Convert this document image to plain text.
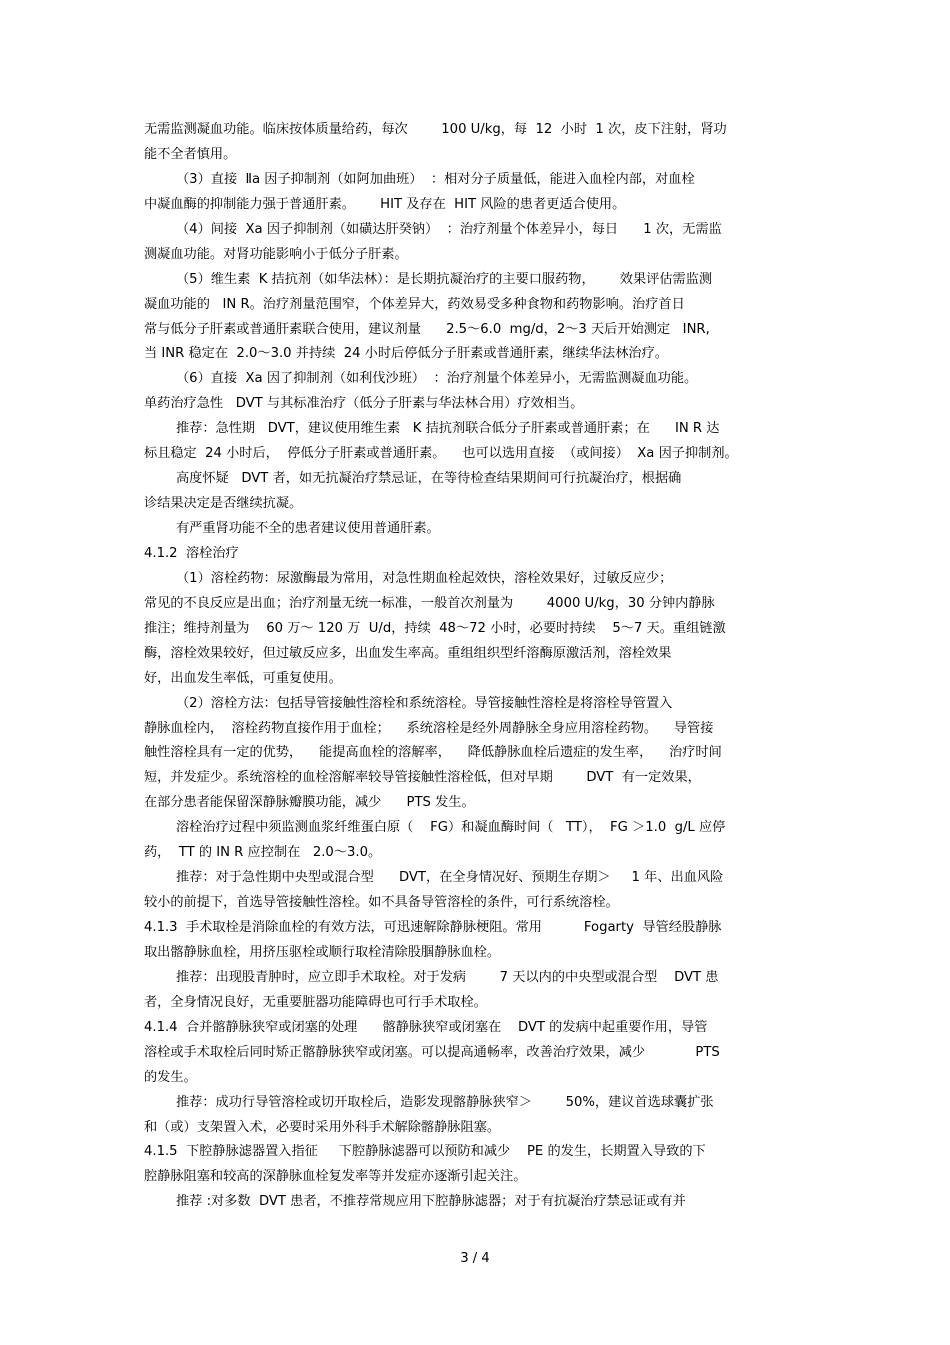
无需监测凝血功能。临床按体质量给药，每次        100 U/kg，每  12  小时  1 次，皮下注射，肾功
能不全者慎用。
（3）直接  Ⅱa 因子抑制剂（如阿加曲班）  ：相对分子质量低，能进入血栓内部，对血栓
中凝血酶的抑制能力强于普通肝素。      HIT 及存在  HIT 风险的患者更适合使用。
（4）间接  Xa 因子抑制剂（如磺达肝癸钠）  ：治疗剂量个体差异小，每日      1 次，无需监
测凝血功能。对肾功能影响小于低分子肝素。
（5）维生素  K 拮抗剂（如华法林）：是长期抗凝治疗的主要口服药物，      效果评估需监测
凝血功能的   IN R。治疗剂量范围窄，个体差异大，药效易受多种食物和药物影响。治疗首日
常与低分子肝素或普通肝素联合使用，建议剂量      2.5～6.0  mg/d，2～3 天后开始测定   INR,
当 INR 稳定在  2.0～3.0 并持续  24 小时后停低分子肝素或普通肝素，继续华法林治疗。
（6）直接  Xa 因了抑制剂（如利伐沙班）  ：治疗剂量个体差异小，无需监测凝血功能。
单药治疗急性   DVT 与其标准治疗（低分子肝素与华法林合用）疗效相当。
推荐：急性期   DVT，建议使用维生素   K 拮抗剂联合低分子肝素或普通肝素；在      IN R 达
标且稳定  24 小时后，  停低分子肝素或普通肝素。    也可以选用直接  （或间接）  Xa 因子抑制剂。
高度怀疑   DVT 者，如无抗凝治疗禁忌证，在等待检查结果期间可行抗凝治疗，根据确
诊结果决定是否继续抗凝。
有严重肾功能不全的患者建议使用普通肝素。
4.1.2  溶栓治疗
（1）溶栓药物：尿激酶最为常用，对急性期血栓起效快，溶栓效果好，过敏反应少；
常见的不良反应是出血；治疗剂量无统一标准，一般首次剂量为        4000 U/kg，30 分钟内静脉
推注；维持剂量为    60 万～ 120 万  U/d，持续  48～72 小时，必要时持续    5～7 天。重组链激
酶，溶栓效果较好，但过敏反应多，出血发生率高。重组组织型纤溶酶原激活剂，溶栓效果
好，出血发生率低，可重复使用。
（2）溶栓方法：包括导管接触性溶栓和系统溶栓。导管接触性溶栓是将溶栓导管置入
静脉血栓内，  溶栓药物直接作用于血栓；    系统溶栓是经外周静脉全身应用溶栓药物。    导管接
触性溶栓具有一定的优势，    能提高血栓的溶解率，    降低静脉血栓后遗症的发生率，    治疗时间
短，并发症少。系统溶栓的血栓溶解率较导管接触性溶栓低，但对早期        DVT  有一定效果，
在部分患者能保留深静脉瓣膜功能，减少      PTS 发生。
溶栓治疗过程中须监测血浆纤维蛋白原（    FG）和凝血酶时间（   TT），  FG ＞1.0  g/L 应停
药，  TT 的 IN R 应控制在   2.0～3.0。
推荐：对于急性期中央型或混合型      DVT，在全身情况好、预期生存期＞     1 年、出血风险
较小的前提下，首选导管接触性溶栓。如不具备导管溶栓的条件，可行系统溶栓。
4.1.3  手术取栓是消除血栓的有效方法，可迅速解除静脉梗阻。常用          Fogarty  导管经股静脉
取出髂静脉血栓，用挤压驱栓或顺行取栓清除股腘静脉血栓。
推荐：出现股青肿时，应立即手术取栓。对于发病        7 天以内的中央型或混合型    DVT 患
者，全身情况良好，无重要脏器功能障碍也可行手术取栓。
4.1.4  合并髂静脉狭窄或闭塞的处理      髂静脉狭窄或闭塞在    DVT 的发病中起重要作用，导管
溶栓或手术取栓后同时矫正髂静脉狭窄或闭塞。可以提高通畅率，改善治疗效果，减少            PTS
的发生。
推荐：成功行导管溶栓或切开取栓后，造影发现髂静脉狭窄＞        50%，建议首选球囊扩张
和（或）支架置入术，必要时采用外科手术解除髂静脉阻塞。
4.1.5  下腔静脉滤器置入指征     下腔静脉滤器可以预防和减少    PE 的发生，长期置入导致的下
腔静脉阻塞和较高的深静脉血栓复发率等并发症亦逐渐引起关注。
推荐 :对多数  DVT 患者，不推荐常规应用下腔静脉滤器；对于有抗凝治疗禁忌证或有并
3 / 4
